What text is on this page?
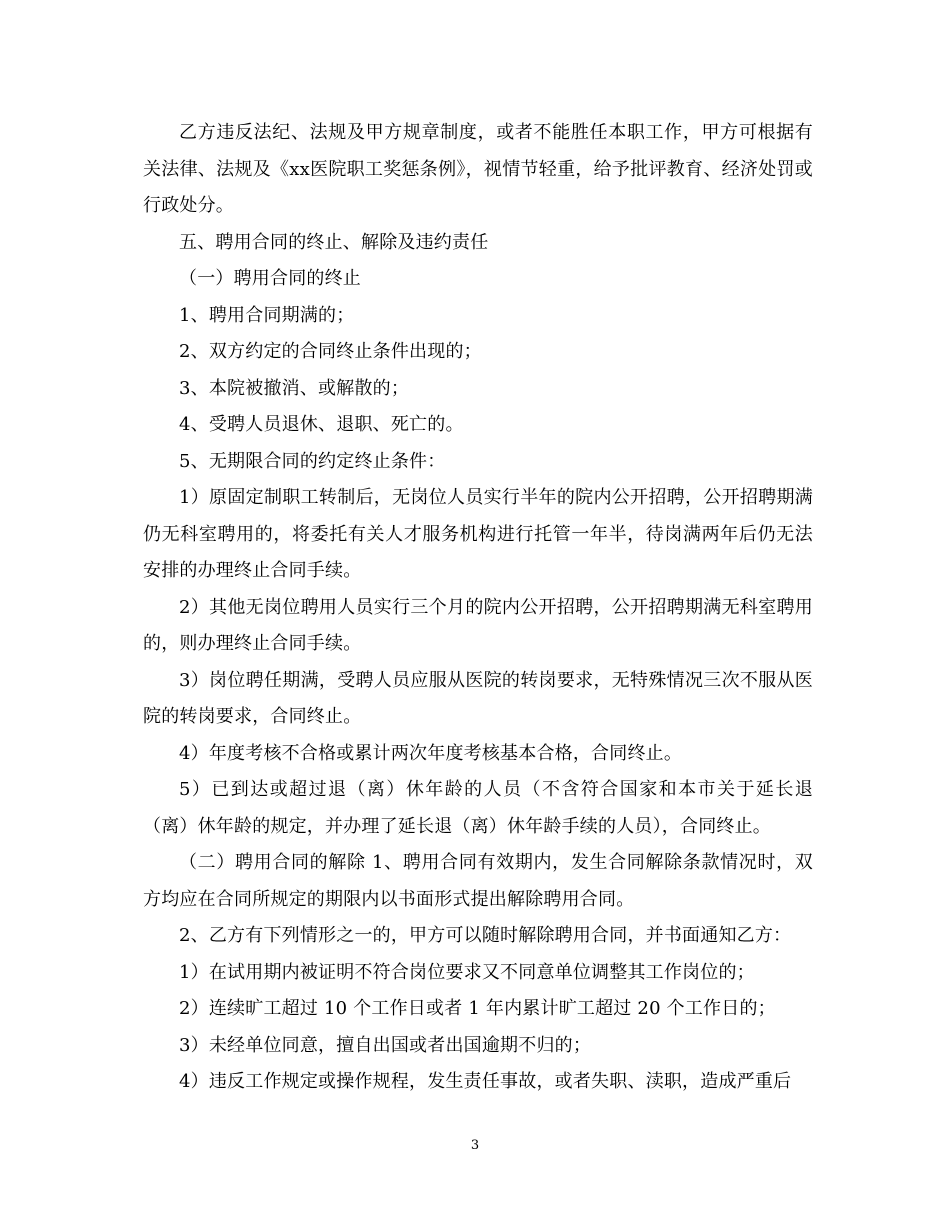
乙方违反法纪、法规及甲方规章制度，或者不能胜任本职工作，甲方可根据有关法律、法规及《xx医院职工奖惩条例》，视情节轻重，给予批评教育、经济处罚或行政处分。

五、聘用合同的终止、解除及违约责任

（一）聘用合同的终止

1、聘用合同期满的；

2、双方约定的合同终止条件出现的；

3、本院被撤消、或解散的；

4、受聘人员退休、退职、死亡的。

5、无期限合同的约定终止条件：

1）原固定制职工转制后，无岗位人员实行半年的院内公开招聘，公开招聘期满仍无科室聘用的，将委托有关人才服务机构进行托管一年半，待岗满两年后仍无法安排的办理终止合同手续。

2）其他无岗位聘用人员实行三个月的院内公开招聘，公开招聘期满无科室聘用的，则办理终止合同手续。

3）岗位聘任期满，受聘人员应服从医院的转岗要求，无特殊情况三次不服从医院的转岗要求，合同终止。

4）年度考核不合格或累计两次年度考核基本合格，合同终止。

5）已到达或超过退（离）休年龄的人员（不含符合国家和本市关于延长退（离）休年龄的规定，并办理了延长退（离）休年龄手续的人员），合同终止。

（二）聘用合同的解除 1、聘用合同有效期内，发生合同解除条款情况时，双方均应在合同所规定的期限内以书面形式提出解除聘用合同。

2、乙方有下列情形之一的，甲方可以随时解除聘用合同，并书面通知乙方：

1）在试用期内被证明不符合岗位要求又不同意单位调整其工作岗位的；

2）连续旷工超过 10 个工作日或者 1 年内累计旷工超过 20 个工作日的；

3）未经单位同意，擅自出国或者出国逾期不归的；

4）违反工作规定或操作规程，发生责任事故，或者失职、渎职，造成严重后

3
